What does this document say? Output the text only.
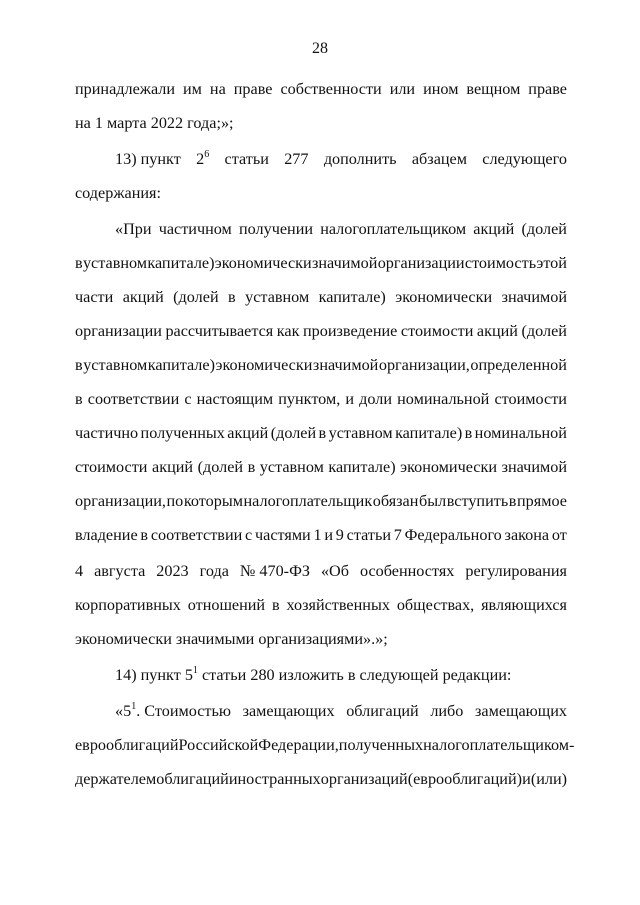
28
принадлежали им на праве собственности или ином вещном праве
на 1 марта 2022 года;»;
13) пункт $2^6$ статьи 277 дополнить абзацем следующего
содержания:
«При частичном получении налогоплательщиком акций (долей
в уставном капитале) экономически значимой организации стоимость этой
части акций (долей в уставном капитале) экономически значимой
организации рассчитывается как произведение стоимости акций (долей
в уставном капитале) экономически значимой организации, определенной
в соответствии с настоящим пунктом, и доли номинальной стоимости
частично полученных акций (долей в уставном капитале) в номинальной
стоимости акций (долей в уставном капитале) экономически значимой
организации, по которым налогоплательщик обязан был вступить в прямое
владение в соответствии с частями 1 и 9 статьи 7 Федерального закона от
4 августа 2023 года № 470-ФЗ «Об особенностях регулирования
корпоративных отношений в хозяйственных обществах, являющихся
экономически значимыми организациями».»;
14) пункт $5^1$ статьи 280 изложить в следующей редакции:
«$5^1$. Стоимостью замещающих облигаций либо замещающих
еврооблигаций Российской Федерации, полученных налогоплательщиком -
держателем облигаций иностранных организаций (еврооблигаций) и (или)
